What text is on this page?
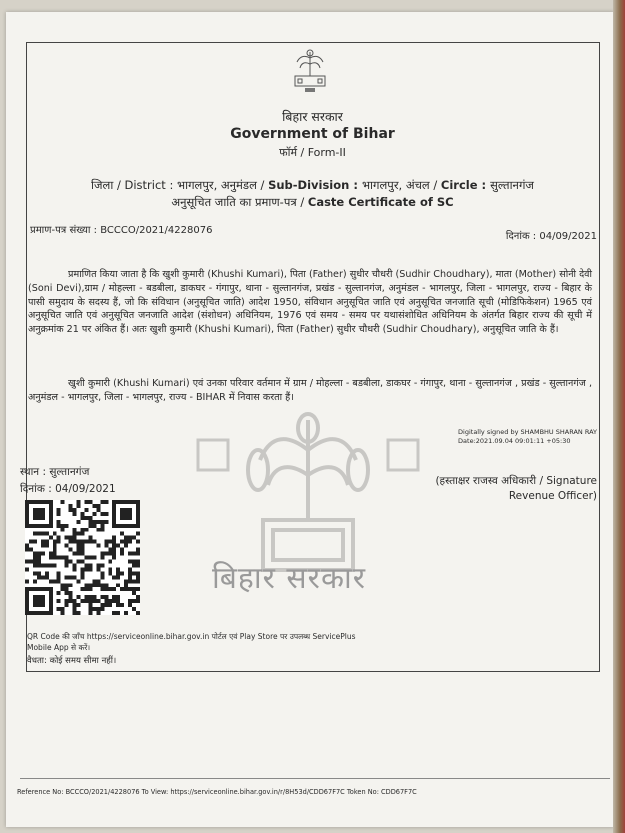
बिहार सरकार
Government of Bihar
फॉर्म / Form-II
जिला / District : भागलपुर, अनुमंडल / Sub-Division : भागलपुर, अंचल / Circle : सुल्तानगंज
अनुसूचित जाति का प्रमाण-पत्र / Caste Certificate of SC
प्रमाण-पत्र संख्या : BCCCO/2021/4228076
दिनांक : 04/09/2021
बिहार सरकार
प्रमाणित किया जाता है कि खुशी कुमारी (Khushi Kumari), पिता (Father) सुधीर चौधरी (Sudhir Choudhary), माता (Mother) सोनी देवी (Soni Devi),ग्राम / मोहल्ला - बडबीला, डाकघर - गंगापुर, थाना - सुल्तानगंज, प्रखंड - सुल्तानगंज, अनुमंडल - भागलपुर, जिला - भागलपुर, राज्य - बिहार के पासी समुदाय के सदस्य हैं, जो कि संविधान (अनुसूचित जाति) आदेश 1950, संविधान अनुसूचित जाति एवं अनुसूचित जनजाति सूची (मोडिफिकेशन) 1965 एवं अनुसूचित जाति एवं अनुसूचित जनजाति आदेश (संशोधन) अधिनियम, 1976 एवं समय - समय पर यथासंशोधित अधिनियम के अंतर्गत बिहार राज्य की सूची में अनुक्रमांक 21 पर अंकित हैं। अतः खुशी कुमारी (Khushi Kumari), पिता (Father) सुधीर चौधरी (Sudhir Choudhary), अनुसूचित जाति के हैं।
खुशी कुमारी (Khushi Kumari) एवं उनका परिवार वर्तमान में ग्राम / मोहल्ला - बडबीला, डाकघर - गंगापुर, थाना - सुल्तानगंज , प्रखंड - सुल्तानगंज , अनुमंडल - भागलपुर, जिला - भागलपुर, राज्य - BIHAR में निवास करता हैं।
Digitally signed by SHAMBHU SHARAN RAY
Date:2021.09.04 09:01:11 +05:30
स्थान : सुल्तानगंज
दिनांक : 04/09/2021
(हस्ताक्षर राजस्व अधिकारी / Signature
Revenue Officer)
QR Code की जाँच https://serviceonline.bihar.gov.in पोर्टल एवं Play Store पर उपलब्ध ServicePlus
Mobile App से करें।
वैधता: कोई समय सीमा नहीं।
Reference No: BCCCO/2021/4228076 To View: https://serviceonline.bihar.gov.in/r/8H53d/CDD67F7C Token No: CDD67F7C
